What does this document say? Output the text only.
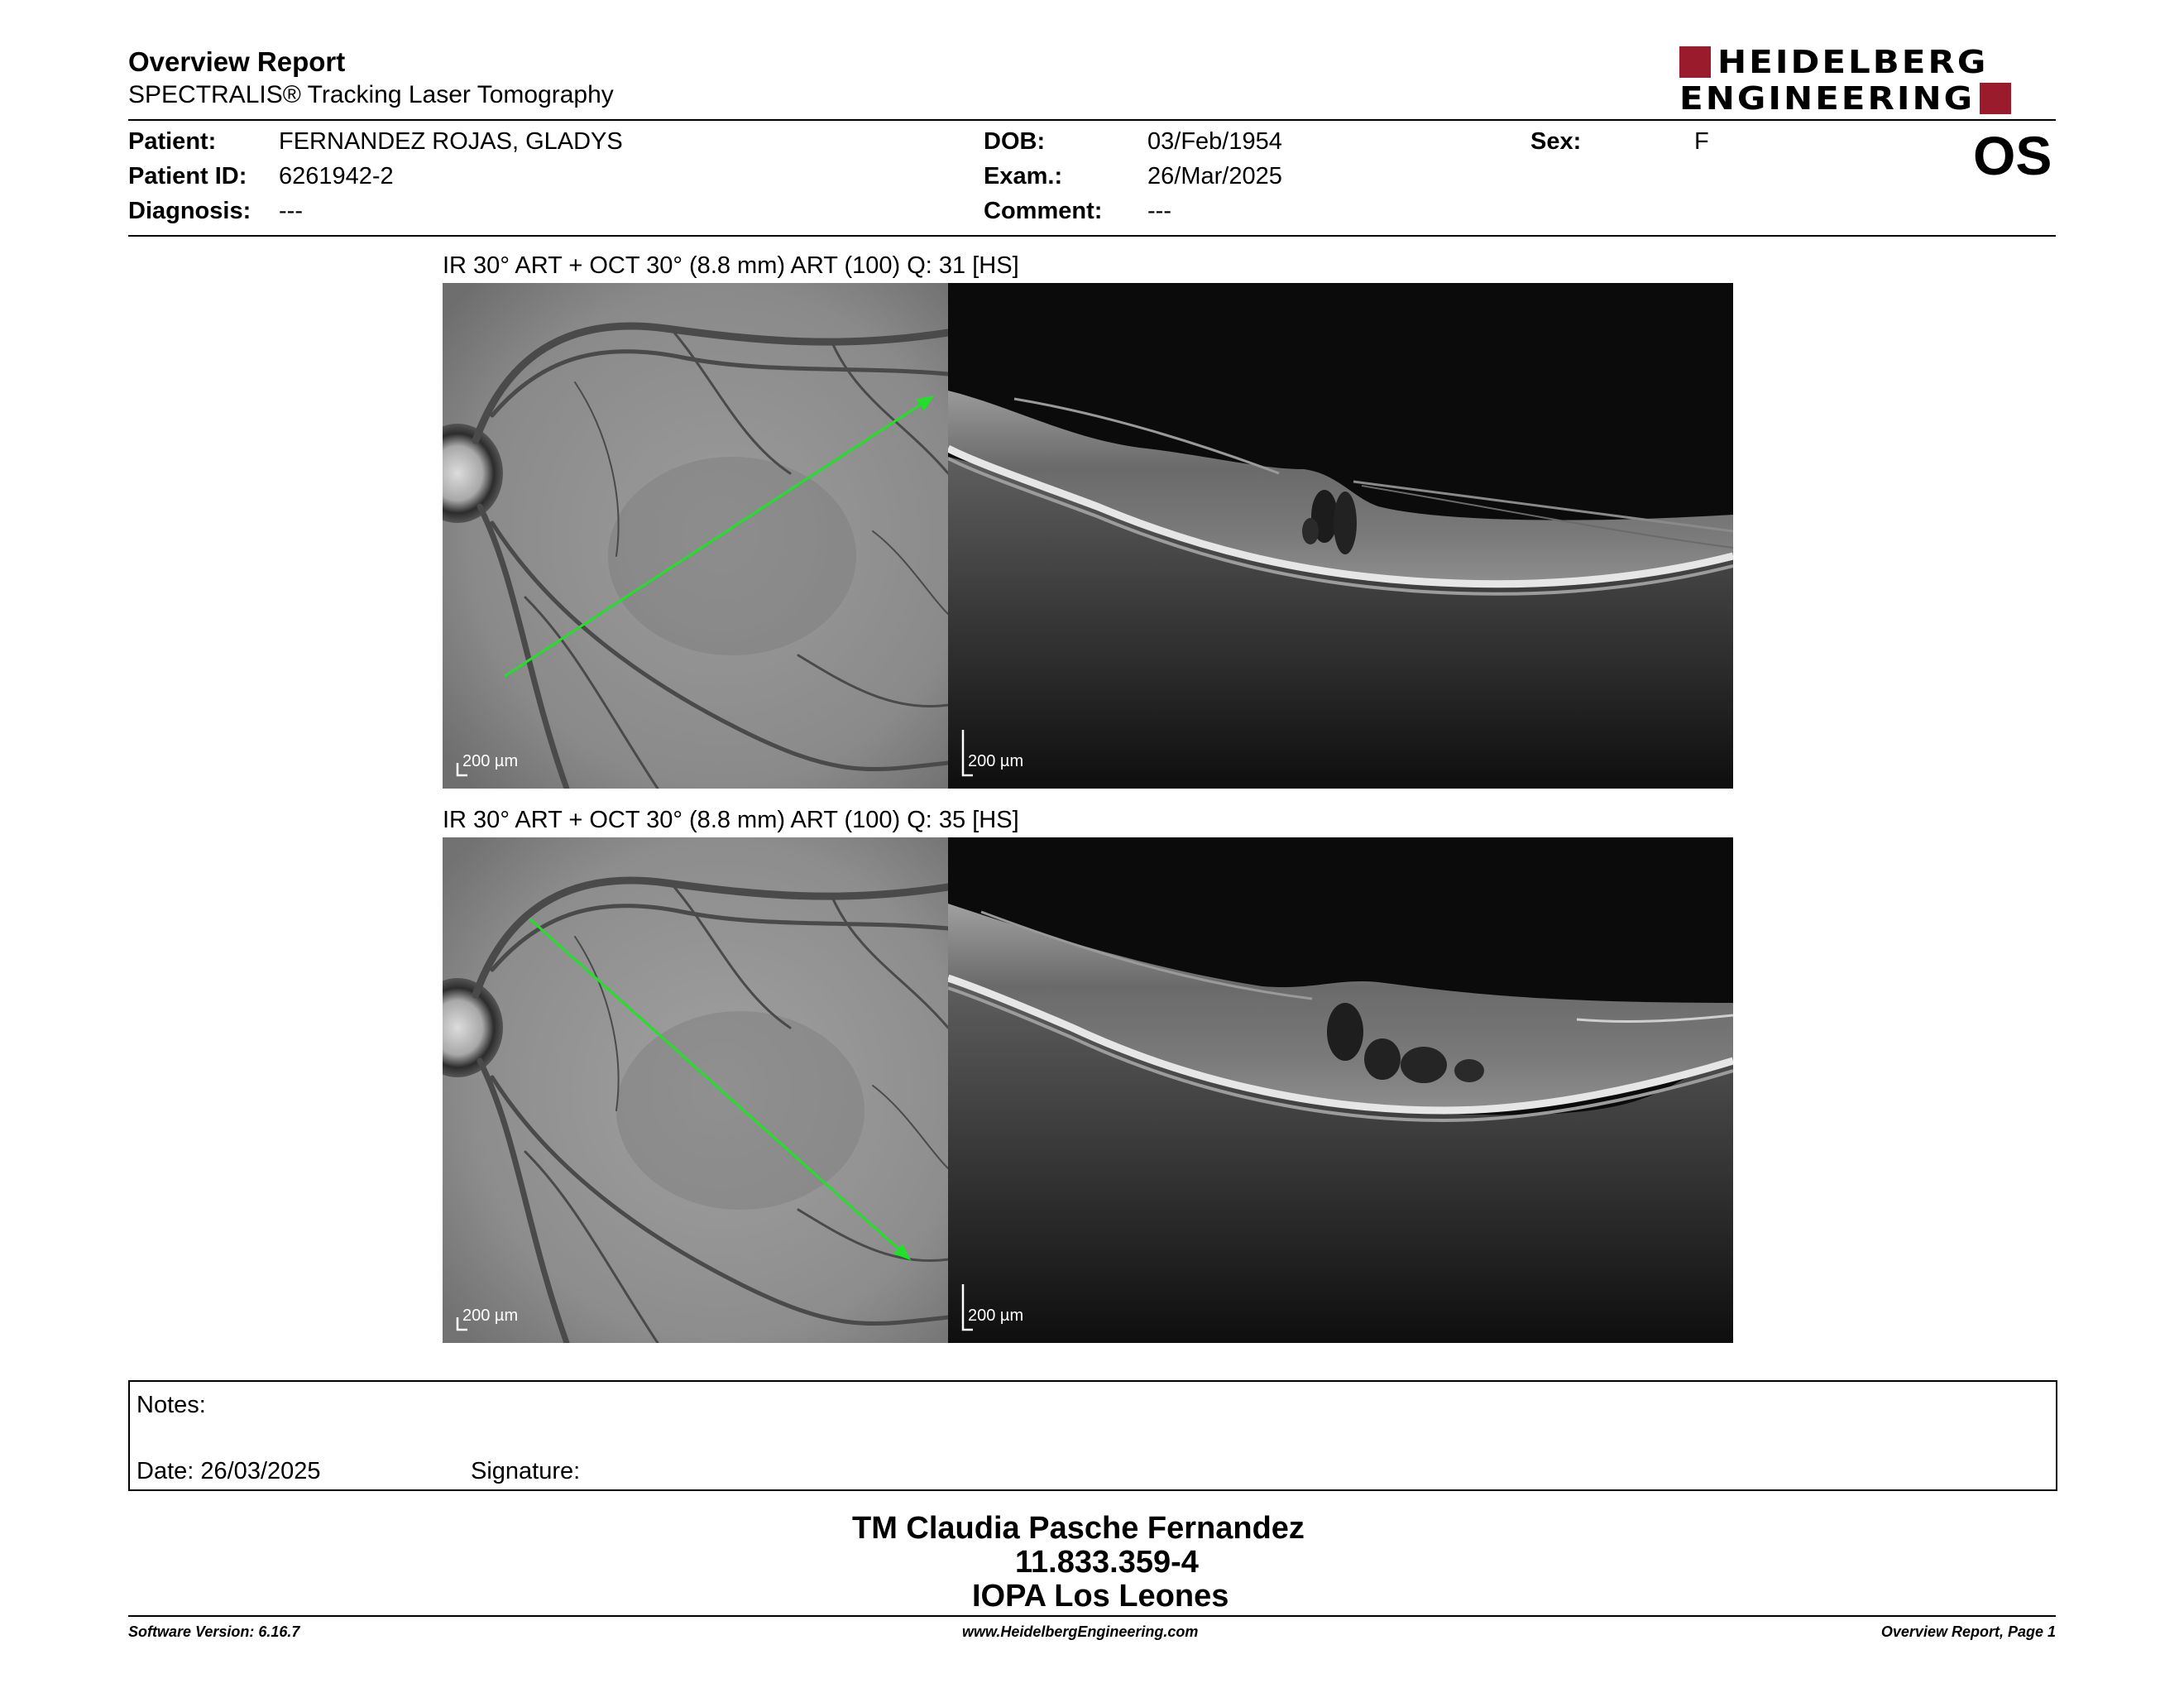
Overview Report
SPECTRALIS® Tracking Laser Tomography
HEIDELBERG
ENGINEERING
Patient:	FERNANDEZ ROJAS, GLADYS
Patient ID: 6261942-2
Diagnosis: ---
DOB:	03/Feb/1954
Exam.:	26/Mar/2025
Comment: ---
Sex:	F	OS
IR 30° ART + OCT 30° (8.8 mm) ART (100) Q: 31 [HS]
200 µm	200 µm
IR 30° ART + OCT 30° (8.8 mm) ART (100) Q: 35 [HS]
200 µm	200 µm
Notes:
Date: 26/03/2025	Signature:
TM Claudia Pasche Fernandez
11.833.359-4
IOPA Los Leones
Software Version: 6.16.7	www.HeidelbergEngineering.com	Overview Report, Page 1
